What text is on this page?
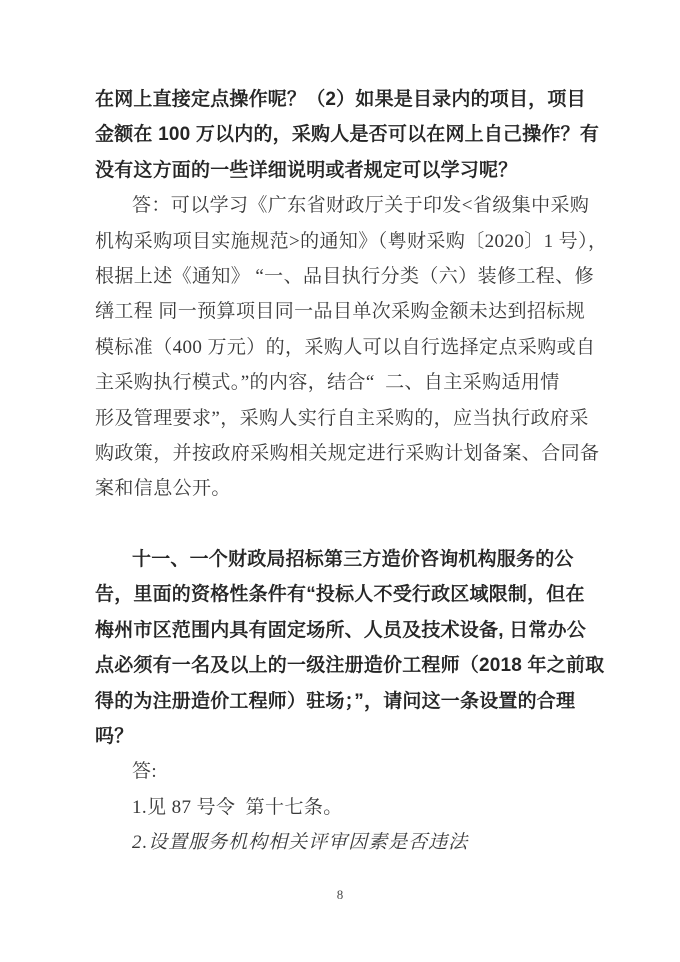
在网上直接定点操作呢？（2）如果是目录内的项目，项目
金额在 100 万以内的，采购人是否可以在网上自己操作？有
没有这方面的一些详细说明或者规定可以学习呢？
答：可以学习《广东省财政厅关于印发<省级集中采购
机构采购项目实施规范>的通知》（粤财采购〔2020〕1 号），
根据上述《通知》 “一、品目执行分类（六）装修工程、修
缮工程 同一预算项目同一品目单次采购金额未达到招标规
模标准（400 万元）的，采购人可以自行选择定点采购或自
主采购执行模式。”的内容，结合“  二、自主采购适用情
形及管理要求”，采购人实行自主采购的，应当执行政府采
购政策，并按政府采购相关规定进行采购计划备案、合同备
案和信息公开。
十一、一个财政局招标第三方造价咨询机构服务的公
告，里面的资格性条件有“投标人不受行政区域限制，但在
梅州市区范围内具有固定场所、人员及技术设备, 日常办公
点必须有一名及以上的一级注册造价工程师（2018 年之前取
得的为注册造价工程师）驻场；”，请问这一条设置的合理
吗？
答:
1.见 87 号令  第十七条。
2.设置服务机构相关评审因素是否违法
8
